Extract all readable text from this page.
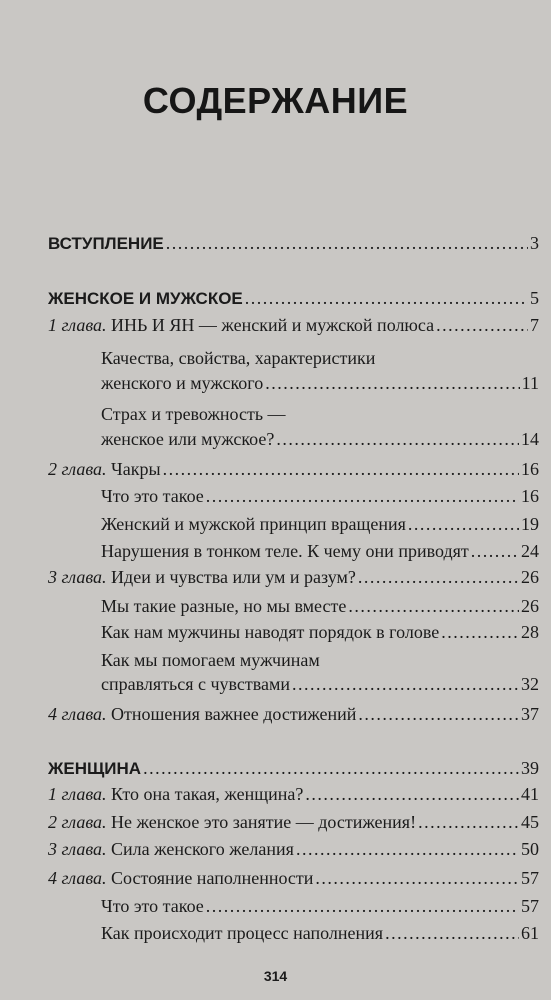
СОДЕРЖАНИЕ
ВСТУПЛЕНИЕ . . .	3
ЖЕНСКОЕ И МУЖСКОЕ . . .	5
1 глава. ИНЬ И ЯН — женский и мужской полюса . . .	7
Качества, свойства, характеристики
женского и мужского . . .	11
Страх и тревожность —
женское или мужское? . . .	14
2 глава. Чакры . . .	16
Что это такое . . .	16
Женский и мужской принцип вращения . . .	19
Нарушения в тонком теле. К чему они приводят . . .	24
3 глава. Идеи и чувства или ум и разум? . . .	26
Мы такие разные, но мы вместе . . .	26
Как нам мужчины наводят порядок в голове . . .	28
Как мы помогаем мужчинам
справляться с чувствами . . .	32
4 глава. Отношения важнее достижений . . .	37
ЖЕНЩИНА . . .	39
1 глава. Кто она такая, женщина? . . .	41
2 глава. Не женское это занятие — достижения! . . .	45
3 глава. Сила женского желания . . .	50
4 глава. Состояние наполненности . . .	57
Что это такое . . .	57
Как происходит процесс наполнения . . .	61
314
